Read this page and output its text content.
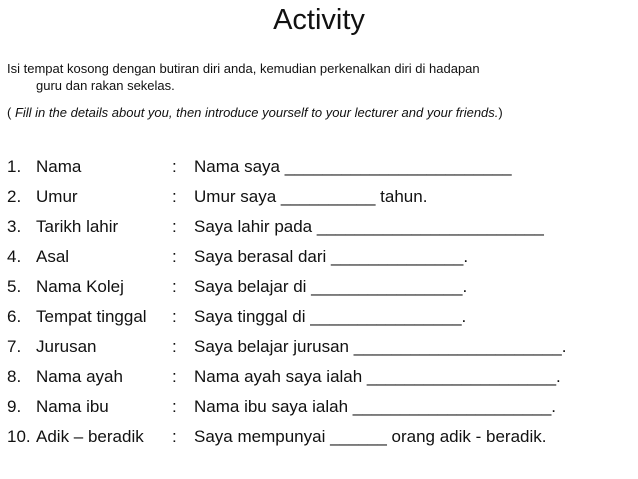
Activity
Isi tempat kosong dengan butiran diri anda, kemudian perkenalkan diri di hadapan
guru dan rakan sekelas.
( Fill in the details about you, then introduce yourself to your lecturer and your friends.)
1. Nama	:	Nama saya ________________________
2. Umur	:	Umur saya __________ tahun.
3. Tarikh lahir	:	Saya lahir pada ________________________
4. Asal	:	Saya berasal dari ______________.
5. Nama Kolej	:	Saya belajar di ________________.
6. Tempat tinggal	:	Saya tinggal di ________________.
7. Jurusan	:	Saya belajar jurusan ______________________.
8. Nama ayah	:	Nama ayah saya ialah ____________________.
9. Nama ibu	:	Nama ibu saya ialah _____________________.
10. Adik – beradik	:	Saya mempunyai ______ orang adik - beradik.
